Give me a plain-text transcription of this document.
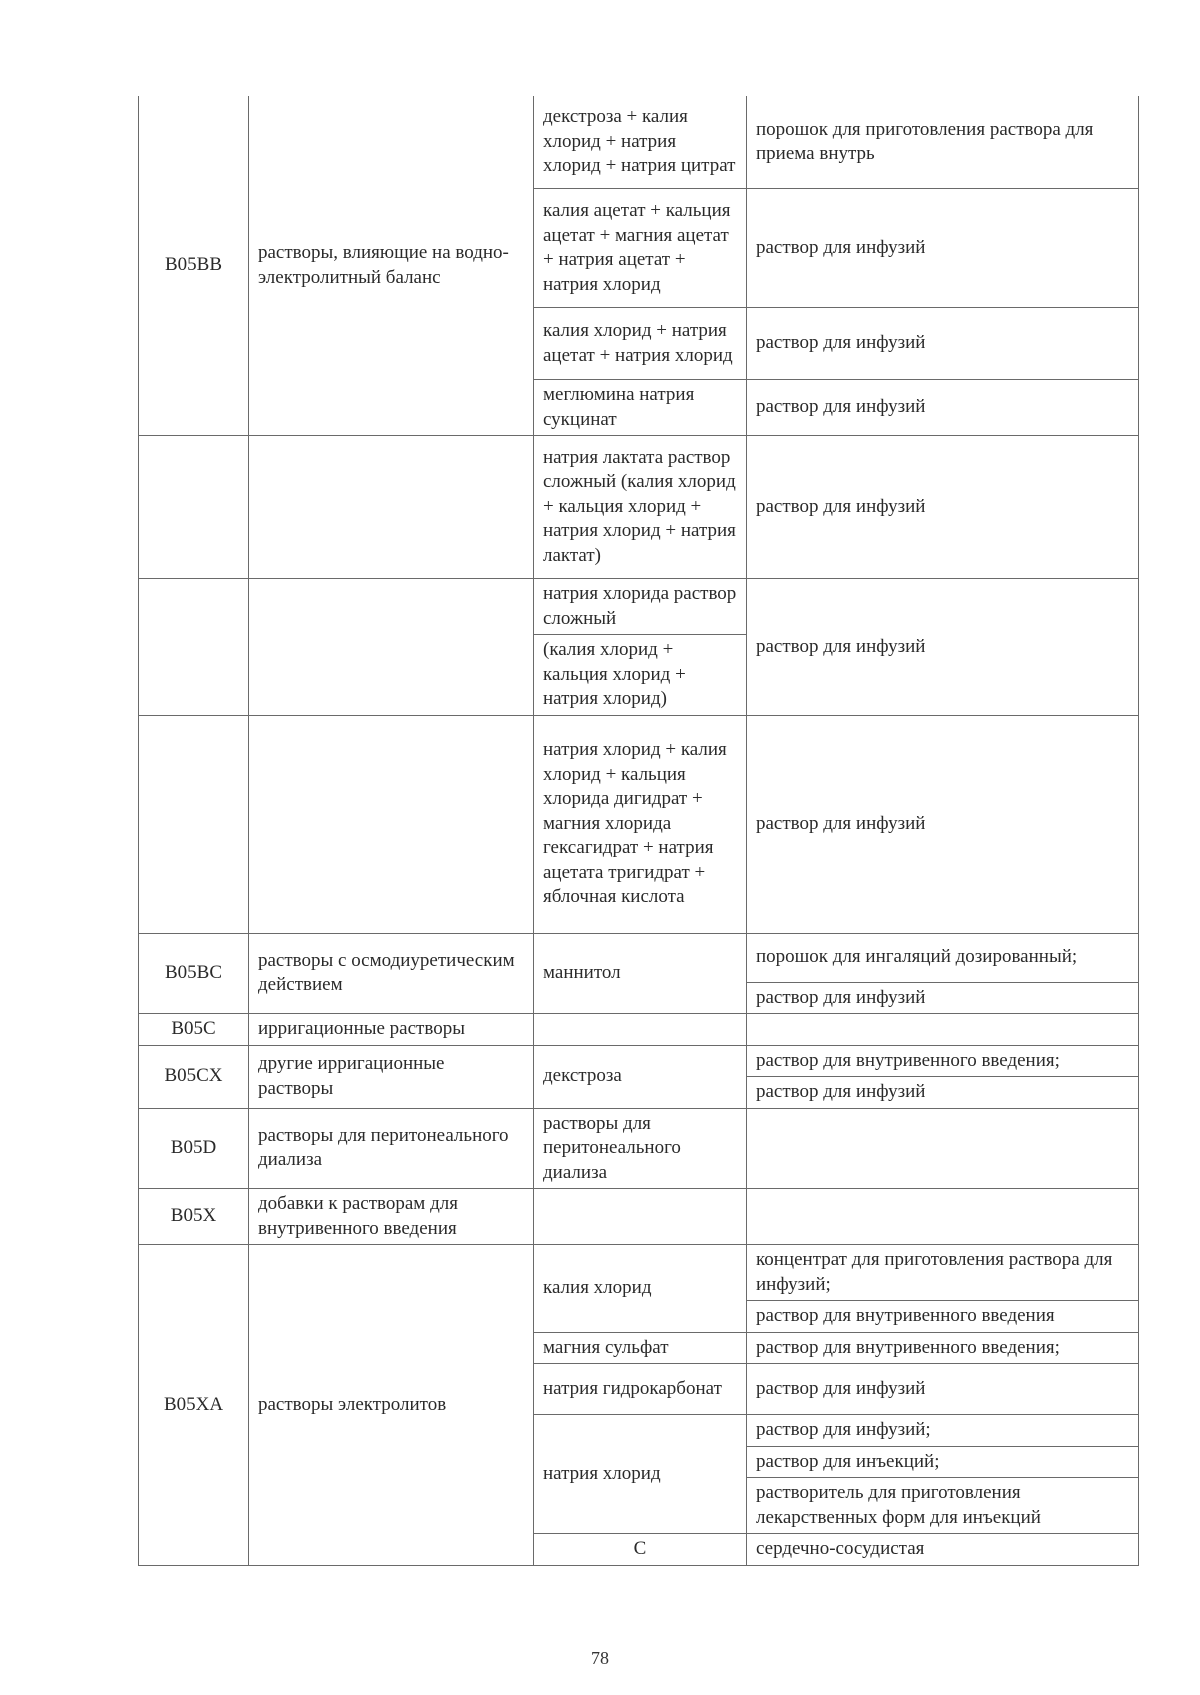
B05BB	растворы, влияющие на водно-электролитный баланс	декстроза + калия хлорид + натрия хлорид + натрия цитрат	порошок для приготовления раствора для приема внутрь	
		калия ацетат + кальция ацетат + магния ацетат + натрия ацетат + натрия хлорид	раствор для инфузий	
		калия хлорид + натрия ацетат + натрия хлорид	раствор для инфузий	
		меглюмина натрия сукцинат	раствор для инфузий	
		натрия лактата раствор сложный (калия хлорид + кальция хлорид + натрия хлорид + натрия лактат)	раствор для инфузий	
		натрия хлорида раствор сложный	раствор для инфузий	
		(калия хлорид + кальция хлорид + натрия хлорид)		
		натрия хлорид + калия хлорид + кальция хлорида дигидрат + магния хлорида гексагидрат + натрия ацетата тригидрат + яблочная кислота	раствор для инфузий	
B05BC	растворы с осмодиуретическим действием	маннитол	порошок для ингаляций дозированный;	
			раствор для инфузий	
B05C	ирригационные растворы			
B05CX	другие ирригационные растворы	декстроза	раствор для внутривенного введения;	
			раствор для инфузий	
B05D	растворы для перитонеального диализа	растворы для перитонеального диализа		
B05X	добавки к растворам для внутривенного введения			
B05XA	растворы электролитов	калия хлорид	концентрат для приготовления раствора для инфузий;	
			раствор для внутривенного введения	
		магния сульфат	раствор для внутривенного введения;	
		натрия гидрокарбонат	раствор для инфузий	
		натрия хлорид	раствор для инфузий;	
			раствор для инъекций;	
			растворитель для приготовления лекарственных форм для инъекций	
		С	сердечно-сосудистая		
78
